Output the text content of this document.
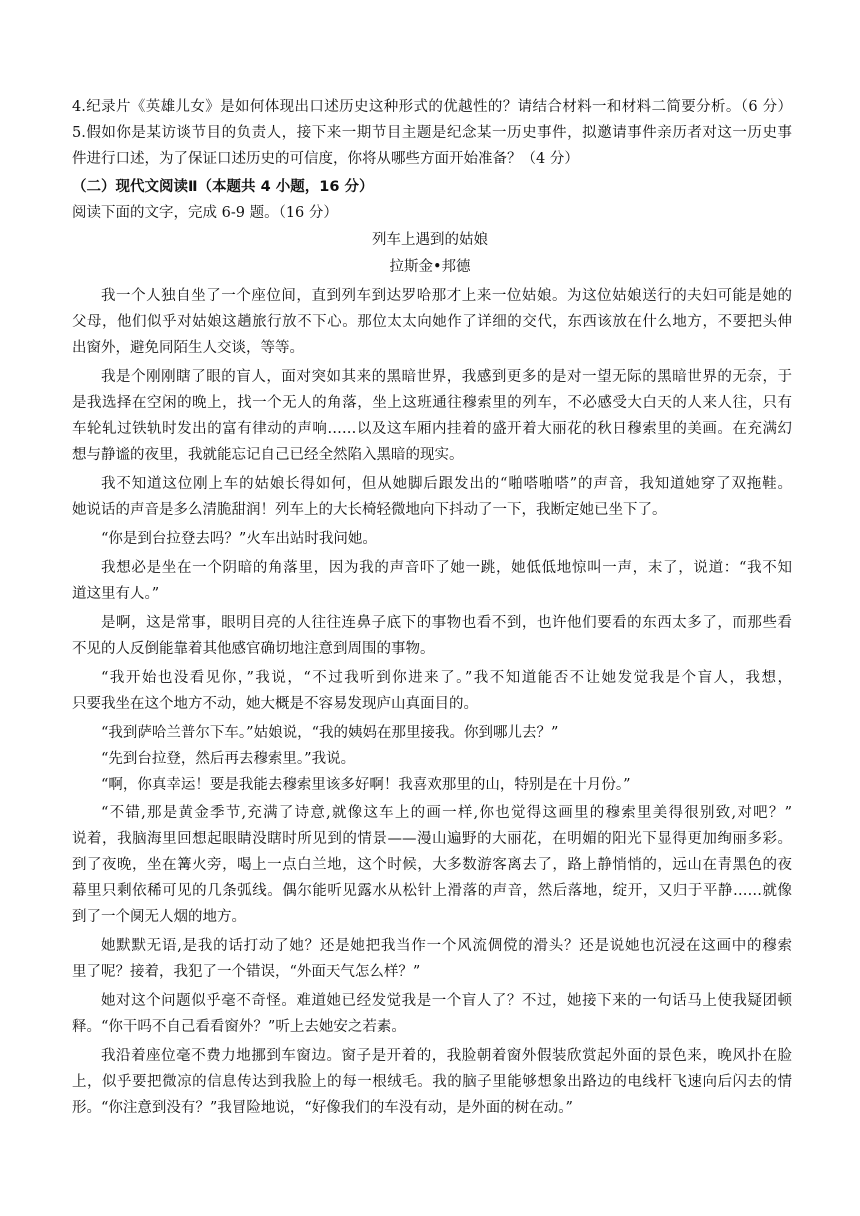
4.纪录片《英雄儿女》是如何体现出口述历史这种形式的优越性的？请结合材料一和材料二简要分析。（6 分）
5.假如你是某访谈节目的负责人，接下来一期节目主题是纪念某一历史事件，拟邀请事件亲历者对这一历史事
件进行口述，为了保证口述历史的可信度，你将从哪些方面开始准备？（4 分）
（二）现代文阅读Ⅱ（本题共 4 小题，16 分）
阅读下面的文字，完成 6-9 题。（16 分）
列车上遇到的姑娘
拉斯金•邦德
我一个人独自坐了一个座位间，直到列车到达罗哈那才上来一位姑娘。为这位姑娘送行的夫妇可能是她的
父母，他们似乎对姑娘这趟旅行放不下心。那位太太向她作了详细的交代，东西该放在什么地方，不要把头伸
出窗外，避免同陌生人交谈，等等。
我是个刚刚瞎了眼的盲人，面对突如其来的黑暗世界，我感到更多的是对一望无际的黑暗世界的无奈，于
是我选择在空闲的晚上，找一个无人的角落，坐上这班通往穆索里的列车，不必感受大白天的人来人往，只有
车轮轧过铁轨时发出的富有律动的声响……以及这车厢内挂着的盛开着大丽花的秋日穆索里的美画。在充满幻
想与静谧的夜里，我就能忘记自己已经全然陷入黑暗的现实。
我不知道这位刚上车的姑娘长得如何，但从她脚后跟发出的“啪嗒啪嗒”的声音，我知道她穿了双拖鞋。
她说话的声音是多么清脆甜润！列车上的大长椅轻微地向下抖动了一下，我断定她已坐下了。
“你是到台拉登去吗？”火车出站时我问她。
我想必是坐在一个阴暗的角落里，因为我的声音吓了她一跳，她低低地惊叫一声，末了，说道：“我不知
道这里有人。”
是啊，这是常事，眼明目亮的人往往连鼻子底下的事物也看不到，也许他们要看的东西太多了，而那些看
不见的人反倒能靠着其他感官确切地注意到周围的事物。
“我开始也没看见你，”我说，“不过我听到你进来了。”我不知道能否不让她发觉我是个盲人，我想，
只要我坐在这个地方不动，她大概是不容易发现庐山真面目的。
“我到萨哈兰普尔下车。”姑娘说，“我的姨妈在那里接我。你到哪儿去？”
“先到台拉登，然后再去穆索里。”我说。
“啊，你真幸运！要是我能去穆索里该多好啊！我喜欢那里的山，特别是在十月份。”
“不错,那是黄金季节,充满了诗意,就像这车上的画一样,你也觉得这画里的穆索里美得很别致,对吧？”
说着，我脑海里回想起眼睛没瞎时所见到的情景——漫山遍野的大丽花，在明媚的阳光下显得更加绚丽多彩。
到了夜晚，坐在篝火旁，喝上一点白兰地，这个时候，大多数游客离去了，路上静悄悄的，远山在青黑色的夜
幕里只剩依稀可见的几条弧线。偶尔能听见露水从松针上滑落的声音，然后落地，绽开，又归于平静……就像
到了一个阒无人烟的地方。
她默默无语,是我的话打动了她？还是她把我当作一个风流倜傥的滑头？还是说她也沉浸在这画中的穆索
里了呢？接着，我犯了一个错误，“外面天气怎么样？”
她对这个问题似乎毫不奇怪。难道她已经发觉我是一个盲人了？不过，她接下来的一句话马上使我疑团顿
释。“你干吗不自己看看窗外？”听上去她安之若素。
我沿着座位毫不费力地挪到车窗边。窗子是开着的，我脸朝着窗外假装欣赏起外面的景色来，晚风扑在脸
上，似乎要把微凉的信息传达到我脸上的每一根绒毛。我的脑子里能够想象出路边的电线杆飞速向后闪去的情
形。“你注意到没有？”我冒险地说，“好像我们的车没有动，是外面的树在动。”
